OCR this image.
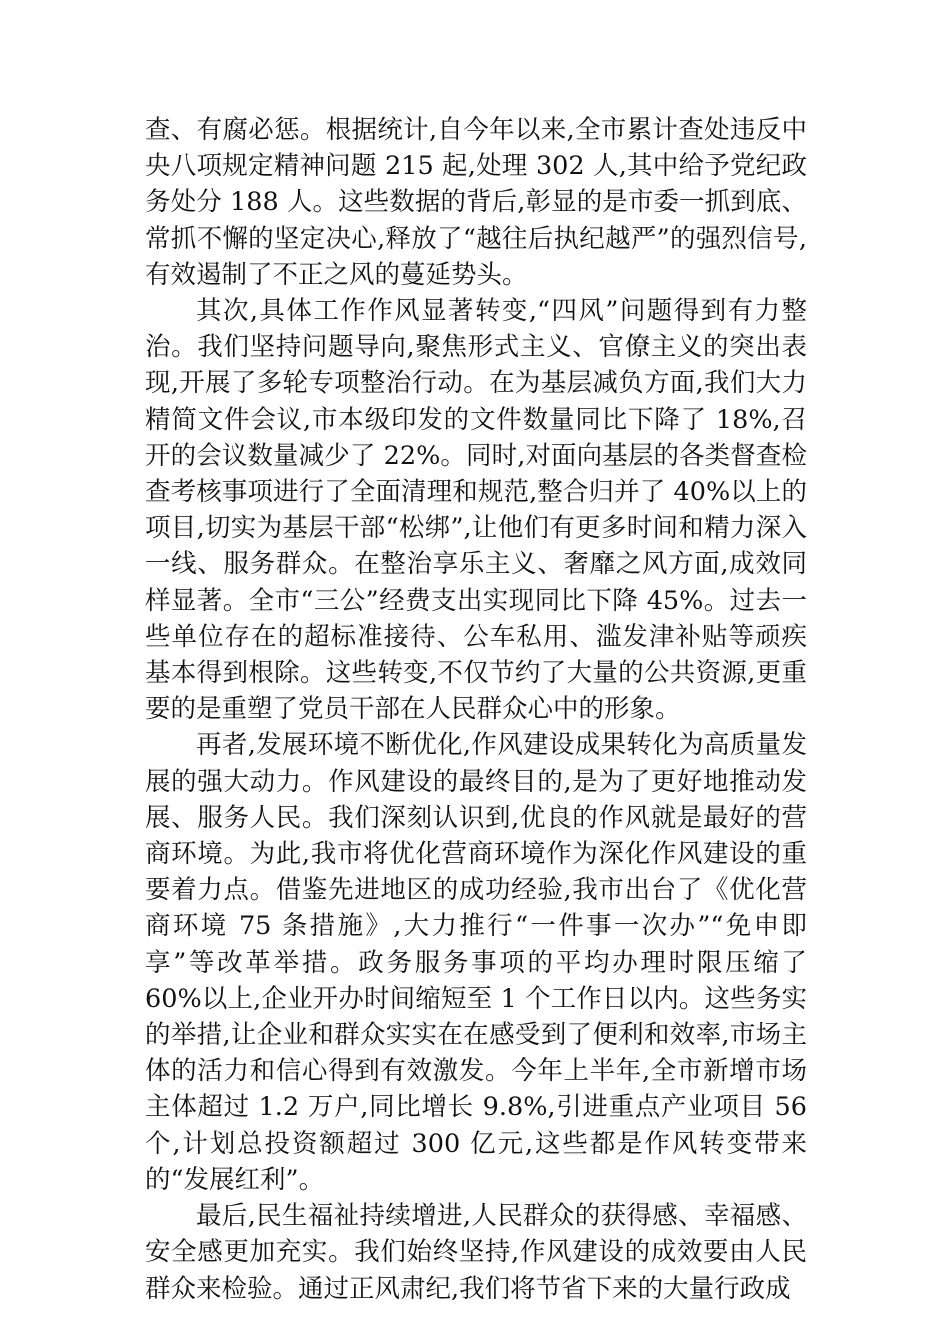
查、有腐必惩。根据统计,自今年以来,全市累计查处违反中央八项规定精神问题 215 起,处理 302 人,其中给予党纪政务处分 188 人。这些数据的背后,彰显的是市委一抓到底、常抓不懈的坚定决心,释放了“越往后执纪越严”的强烈信号,有效遏制了不正之风的蔓延势头。

其次,具体工作作风显著转变,“四风”问题得到有力整治。我们坚持问题导向,聚焦形式主义、官僚主义的突出表现,开展了多轮专项整治行动。在为基层减负方面,我们大力精简文件会议,市本级印发的文件数量同比下降了 18%,召开的会议数量减少了 22%。同时,对面向基层的各类督查检查考核事项进行了全面清理和规范,整合归并了 40%以上的项目,切实为基层干部“松绑”,让他们有更多时间和精力深入一线、服务群众。在整治享乐主义、奢靡之风方面,成效同样显著。全市“三公”经费支出实现同比下降 45%。过去一些单位存在的超标准接待、公车私用、滥发津补贴等顽疾基本得到根除。这些转变,不仅节约了大量的公共资源,更重要的是重塑了党员干部在人民群众心中的形象。

再者,发展环境不断优化,作风建设成果转化为高质量发展的强大动力。作风建设的最终目的,是为了更好地推动发展、服务人民。我们深刻认识到,优良的作风就是最好的营商环境。为此,我市将优化营商环境作为深化作风建设的重要着力点。借鉴先进地区的成功经验,我市出台了《优化营商环境 75 条措施》,大力推行“一件事一次办”“免申即享”等改革举措。政务服务事项的平均办理时限压缩了 60%以上,企业开办时间缩短至 1 个工作日以内。这些务实的举措,让企业和群众实实在在感受到了便利和效率,市场主体的活力和信心得到有效激发。今年上半年,全市新增市场主体超过 1.2 万户,同比增长 9.8%,引进重点产业项目 56 个,计划总投资额超过 300 亿元,这些都是作风转变带来的“发展红利”。

最后,民生福祉持续增进,人民群众的获得感、幸福感、安全感更加充实。我们始终坚持,作风建设的成效要由人民群众来检验。通过正风肃纪,我们将节省下来的大量行政成
